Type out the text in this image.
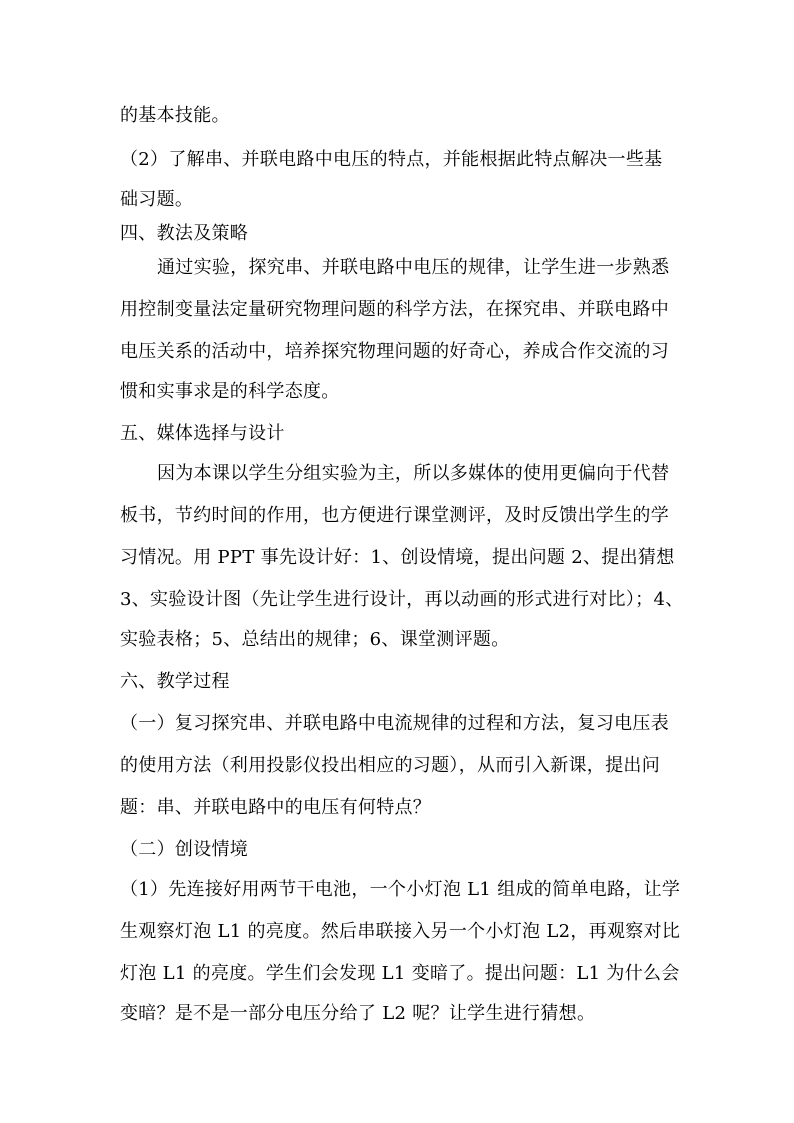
的基本技能。
（2）了解串、并联电路中电压的特点，并能根据此特点解决一些基
础习题。
四、教法及策略
通过实验，探究串、并联电路中电压的规律，让学生进一步熟悉
用控制变量法定量研究物理问题的科学方法，在探究串、并联电路中
电压关系的活动中，培养探究物理问题的好奇心，养成合作交流的习
惯和实事求是的科学态度。
五、媒体选择与设计
因为本课以学生分组实验为主，所以多媒体的使用更偏向于代替
板书，节约时间的作用，也方便进行课堂测评，及时反馈出学生的学
习情况。用 PPT 事先设计好：1、创设情境，提出问题 2、提出猜想
3、实验设计图（先让学生进行设计，再以动画的形式进行对比）；4、
实验表格；5、总结出的规律；6、课堂测评题。
六、教学过程
（一）复习探究串、并联电路中电流规律的过程和方法，复习电压表
的使用方法（利用投影仪投出相应的习题），从而引入新课，提出问
题：串、并联电路中的电压有何特点？
（二）创设情境
（1）先连接好用两节干电池，一个小灯泡 L1 组成的简单电路，让学
生观察灯泡 L1 的亮度。然后串联接入另一个小灯泡 L2，再观察对比
灯泡 L1 的亮度。学生们会发现 L1 变暗了。提出问题：L1 为什么会
变暗？是不是一部分电压分给了 L2 呢？让学生进行猜想。
